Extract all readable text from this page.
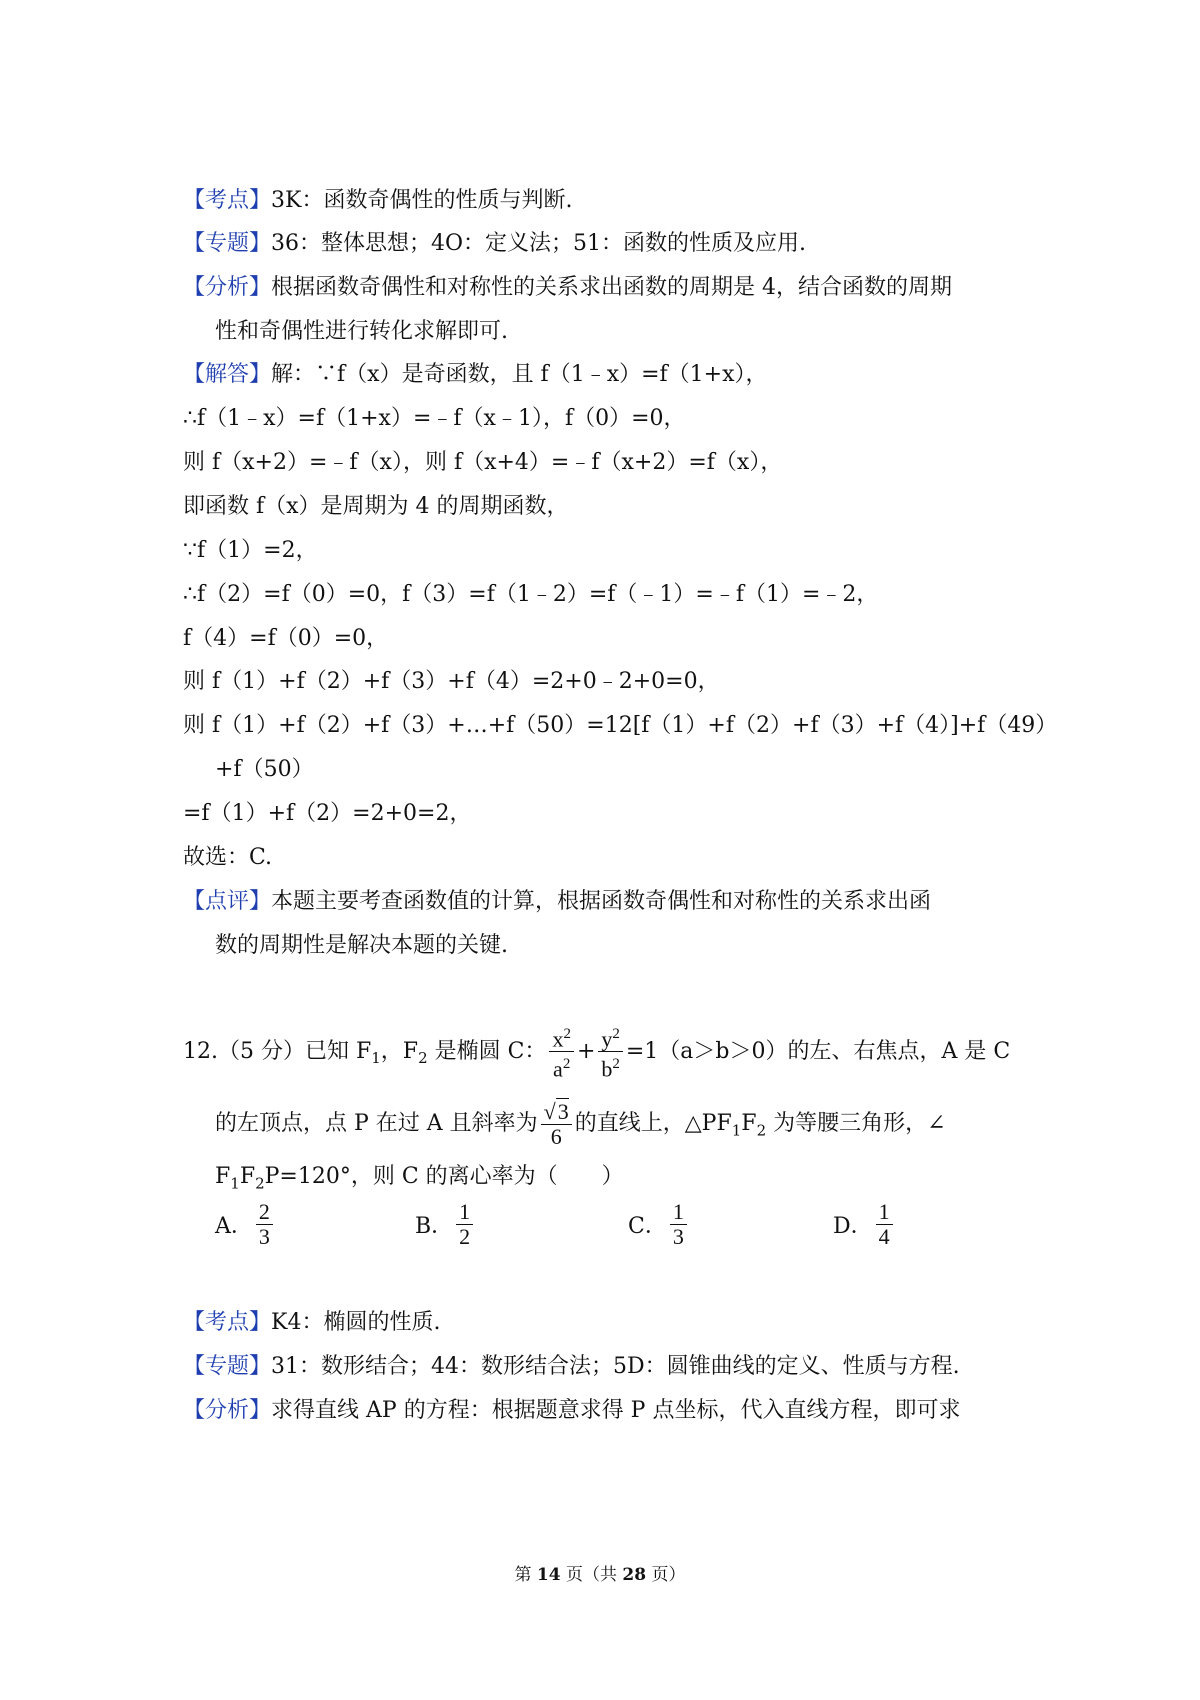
【考点】3K：函数奇偶性的性质与判断.
【专题】36：整体思想；4O：定义法；51：函数的性质及应用.
【分析】根据函数奇偶性和对称性的关系求出函数的周期是 4，结合函数的周期
性和奇偶性进行转化求解即可.
【解答】解：∵f（x）是奇函数，且 f（1﹣x）=f（1+x），
∴f（1﹣x）=f（1+x）=﹣f（x﹣1），f（0）=0，
则 f（x+2）=﹣f（x），则 f（x+4）=﹣f（x+2）=f（x），
即函数 f（x）是周期为 4 的周期函数，
∵f（1）=2，
∴f（2）=f（0）=0，f（3）=f（1﹣2）=f（﹣1）=﹣f（1）=﹣2，
f（4）=f（0）=0，
则 f（1）+f（2）+f（3）+f（4）=2+0﹣2+0=0，
则 f（1）+f（2）+f（3）+…+f（50）=12[f（1）+f（2）+f（3）+f（4）]+f（49）
+f（50）
=f（1）+f（2）=2+0=2，
故选：C.
【点评】本题主要考查函数值的计算，根据函数奇偶性和对称性的关系求出函
数的周期性是解决本题的关键.
12.（5 分）已知 $F_1$，$F_2$ 是椭圆 C： $\frac{x^2}{a^2} + \frac{y^2}{b^2} =1(a>b>0)$的左、右焦点，A 是 C
的左顶点，点 P 在过 A 且斜率为 $\frac{√3}{6}$ 的直线上，$\triangle PF_1F_2$ 为等腰三角形，∠
$F_1F_2P=120^\circ$，则 C 的离心率为（　　）
A． $\frac{2}{3}$	B． $\frac{1}{2}$	C． $\frac{1}{3}$	D． $\frac{1}{4}$
【考点】K4：椭圆的性质.
【专题】31：数形结合；44：数形结合法；5D：圆锥曲线的定义、性质与方程.
【分析】求得直线 AP 的方程：根据题意求得 P 点坐标，代入直线方程，即可求
第 14 页（共 28 页）
